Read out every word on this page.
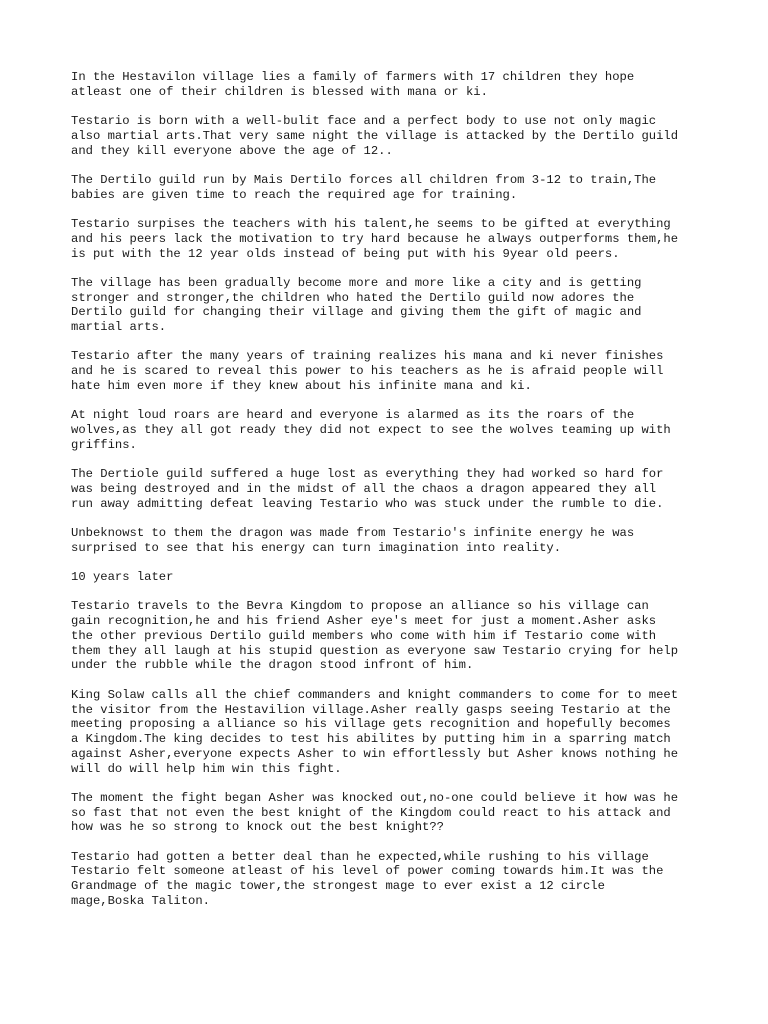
In the Hestavilon village lies a family of farmers with 17 children they hope
atleast one of their children is blessed with mana or ki.

Testario is born with a well-bulit face and a perfect body to use not only magic
also martial arts.That very same night the village is attacked by the Dertilo guild
and they kill everyone above the age of 12..

The Dertilo guild run by Mais Dertilo forces all children from 3-12 to train,The
babies are given time to reach the required age for training.

Testario surpises the teachers with his talent,he seems to be gifted at everything
and his peers lack the motivation to try hard because he always outperforms them,he
is put with the 12 year olds instead of being put with his 9year old peers.

The village has been gradually become more and more like a city and is getting
stronger and stronger,the children who hated the Dertilo guild now adores the
Dertilo guild for changing their village and giving them the gift of magic and
martial arts.

Testario after the many years of training realizes his mana and ki never finishes
and he is scared to reveal this power to his teachers as he is afraid people will
hate him even more if they knew about his infinite mana and ki.

At night loud roars are heard and everyone is alarmed as its the roars of the
wolves,as they all got ready they did not expect to see the wolves teaming up with
griffins.

The Dertiole guild suffered a huge lost as everything they had worked so hard for
was being destroyed and in the midst of all the chaos a dragon appeared they all
run away admitting defeat leaving Testario who was stuck under the rumble to die.

Unbeknowst to them the dragon was made from Testario's infinite energy he was
surprised to see that his energy can turn imagination into reality.

10 years later

Testario travels to the Bevra Kingdom to propose an alliance so his village can
gain recognition,he and his friend Asher eye's meet for just a moment.Asher asks
the other previous Dertilo guild members who come with him if Testario come with
them they all laugh at his stupid question as everyone saw Testario crying for help
under the rubble while the dragon stood infront of him.

King Solaw calls all the chief commanders and knight commanders to come for to meet
the visitor from the Hestavilion village.Asher really gasps seeing Testario at the
meeting proposing a alliance so his village gets recognition and hopefully becomes
a Kingdom.The king decides to test his abilites by putting him in a sparring match
against Asher,everyone expects Asher to win effortlessly but Asher knows nothing he
will do will help him win this fight.

The moment the fight began Asher was knocked out,no-one could believe it how was he
so fast that not even the best knight of the Kingdom could react to his attack and
how was he so strong to knock out the best knight??

Testario had gotten a better deal than he expected,while rushing to his village
Testario felt someone atleast of his level of power coming towards him.It was the
Grandmage of the magic tower,the strongest mage to ever exist a 12 circle
mage,Boska Taliton.
